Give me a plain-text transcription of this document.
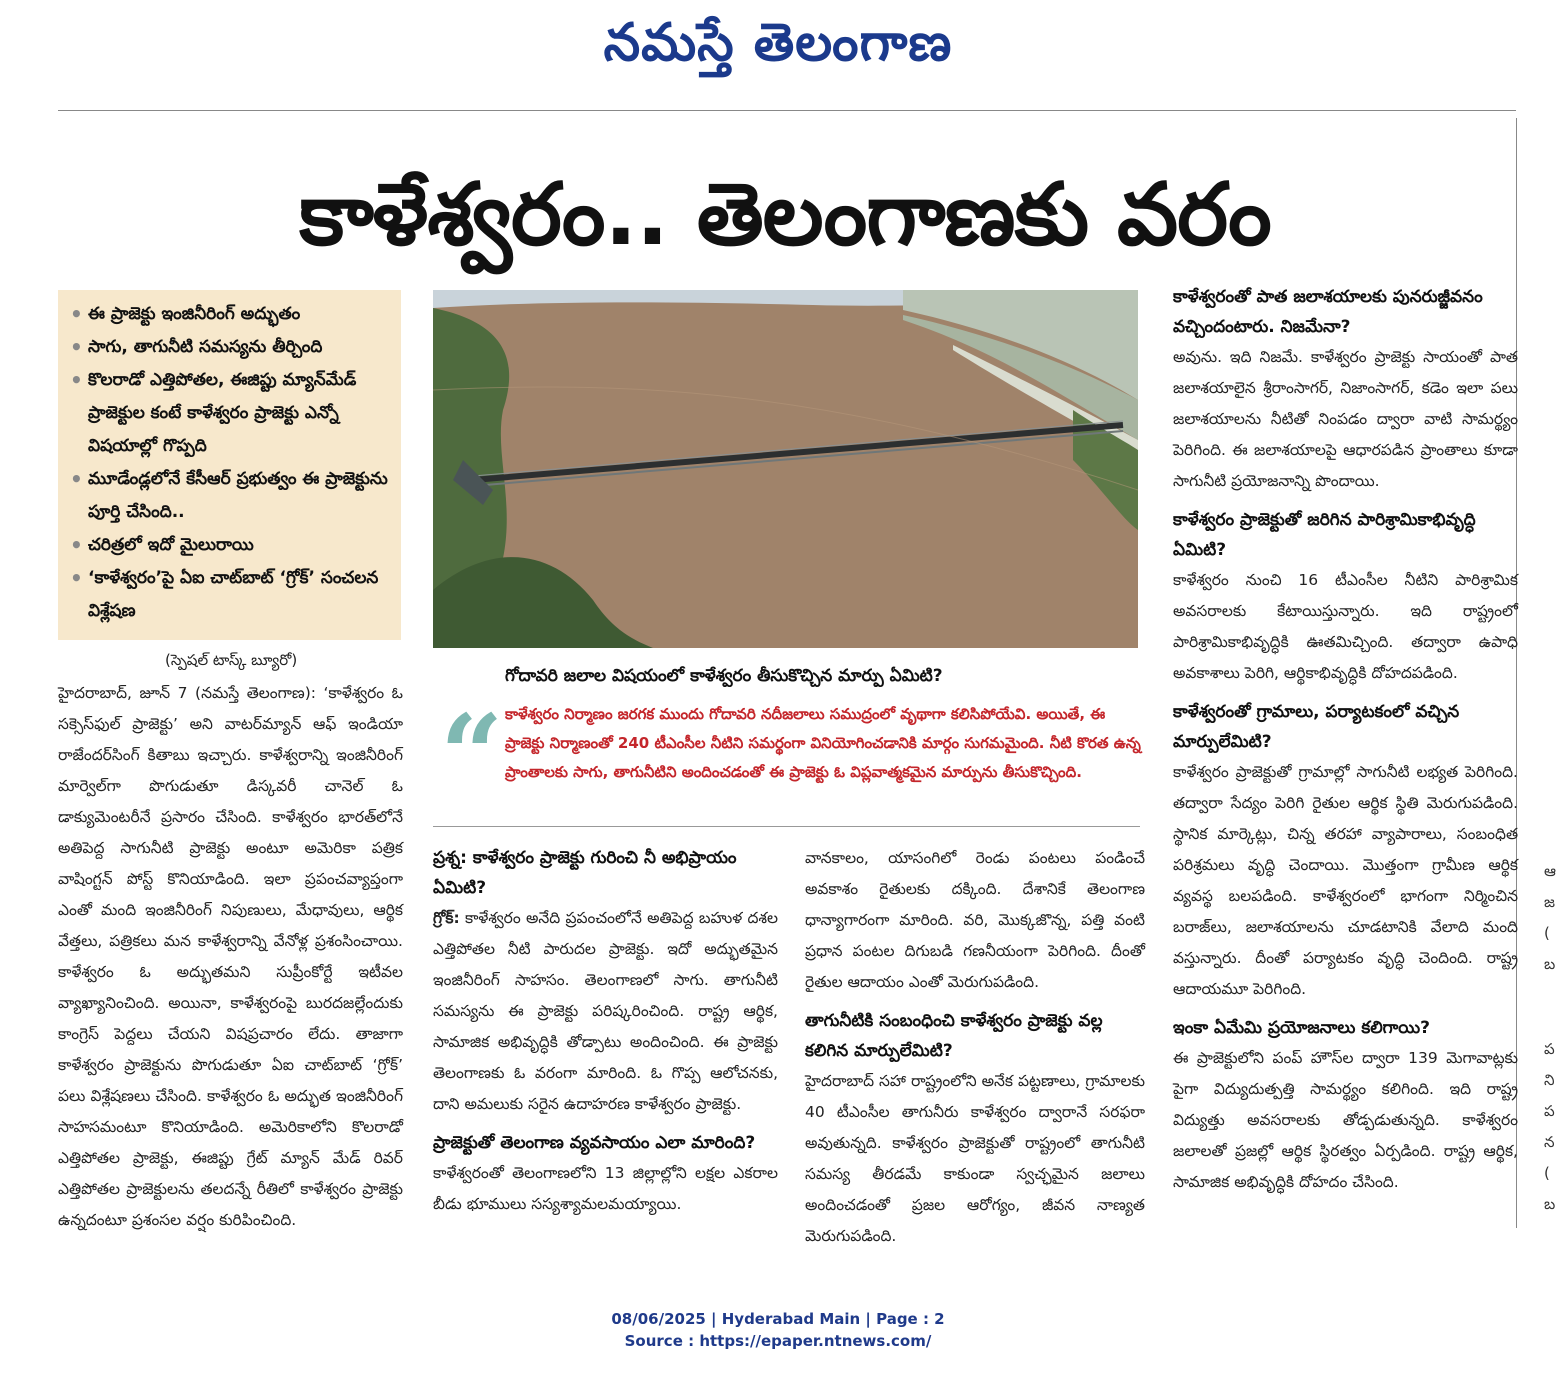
నమస్తే తెలంగాణ
కాళేశ్వరం.. తెలంగాణకు వరం
• ఈ ప్రాజెక్టు ఇంజినీరింగ్ అద్భుతం
• సాగు, తాగునీటి సమస్యను తీర్చింది
• కొలరాడో ఎత్తిపోతల, ఈజిప్టు మ్యాన్‌మేడ్ ప్రాజెక్టుల కంటే కాళేశ్వరం ప్రాజెక్టు ఎన్నో విషయాల్లో గొప్పది
• మూడేండ్లలోనే కేసీఆర్ ప్రభుత్వం ఈ ప్రాజెక్టును పూర్తి చేసింది..
• చరిత్రలో ఇదో మైలురాయి
• ‘కాళేశ్వరం’పై ఏఐ చాట్‌బాట్ ‘గ్రోక్’ సంచలన విశ్లేషణ
(స్పెషల్ టాస్క్ బ్యూరో)
హైదరాబాద్, జూన్ 7 (నమస్తే తెలంగాణ): ‘కాళేశ్వరం ఓ సక్సెస్‌ఫుల్ ప్రాజెక్టు’ అని వాటర్‌మ్యాన్ ఆఫ్ ఇండియా రాజేందర్‌సింగ్ కితాబు ఇచ్చారు. కాళేశ్వరాన్ని ఇంజినీరింగ్ మార్వెల్‌గా పొగుడుతూ డిస్కవరీ చానెల్ ఓ డాక్యుమెంటరీనే ప్రసారం చేసింది. కాళేశ్వరం భారత్‌లోనే అతిపెద్ద సాగునీటి ప్రాజెక్టు అంటూ అమెరికా పత్రిక వాషింగ్టన్ పోస్ట్ కొనియాడింది. ఇలా ప్రపంచవ్యాప్తంగా ఎంతో మంది ఇంజినీరింగ్ నిపుణులు, మేధావులు, ఆర్థిక వేత్తలు, పత్రికలు మన కాళేశ్వరాన్ని వేనోళ్ల ప్రశంసించాయి. కాళేశ్వరం ఓ అద్భుతమని సుప్రీంకోర్టే ఇటీవల వ్యాఖ్యానించింది. అయినా, కాళేశ్వరంపై బురదజల్లేందుకు కాంగ్రెస్ పెద్దలు చేయని విషప్రచారం లేదు. తాజాగా కాళేశ్వరం ప్రాజెక్టును పొగుడుతూ ఏఐ చాట్‌బాట్ ‘గ్రోక్’ పలు విశ్లేషణలు చేసింది. కాళేశ్వరం ఓ అద్భుత ఇంజినీరింగ్ సాహసమంటూ కొనియాడింది. అమెరికాలోని కొలరాడో ఎత్తిపోతల ప్రాజెక్టు, ఈజిప్టు గ్రేట్ మ్యాన్ మేడ్ రివర్ ఎత్తిపోతల ప్రాజెక్టులను తలదన్నే రీతిలో కాళేశ్వరం ప్రాజెక్టు ఉన్నదంటూ ప్రశంసల వర్షం కురిపించింది.
గోదావరి జలాల విషయంలో కాళేశ్వరం తీసుకొచ్చిన మార్పు ఏమిటి?
“ కాళేశ్వరం నిర్మాణం జరగక ముందు గోదావరి నదీజలాలు సముద్రంలో వృథాగా కలిసిపోయేవి. అయితే, ఈ ప్రాజెక్టు నిర్మాణంతో 240 టీఎంసీల నీటిని సమర్థంగా వినియోగించడానికి మార్గం సుగమమైంది. నీటి కొరత ఉన్న ప్రాంతాలకు సాగు, తాగునీటిని అందించడంతో ఈ ప్రాజెక్టు ఓ విప్లవాత్మకమైన మార్పును తీసుకొచ్చింది.
ప్రశ్న: కాళేశ్వరం ప్రాజెక్టు గురించి నీ అభిప్రాయం ఏమిటి?
గ్రోక్: కాళేశ్వరం అనేది ప్రపంచంలోనే అతిపెద్ద బహుళ దశల ఎత్తిపోతల నీటి పారుదల ప్రాజెక్టు. ఇదో అద్భుతమైన ఇంజినీరింగ్ సాహసం. తెలంగాణలో సాగు. తాగునీటి సమస్యను ఈ ప్రాజెక్టు పరిష్కరించింది. రాష్ట్ర ఆర్థిక, సామాజిక అభివృద్ధికి తోడ్పాటు అందించింది. ఈ ప్రాజెక్టు తెలంగాణకు ఓ వరంగా మారింది. ఓ గొప్ప ఆలోచనకు, దాని అమలుకు సరైన ఉదాహరణ కాళేశ్వరం ప్రాజెక్టు.
ప్రాజెక్టుతో తెలంగాణ వ్యవసాయం ఎలా మారింది?
కాళేశ్వరంతో తెలంగాణలోని 13 జిల్లాల్లోని లక్షల ఎకరాల బీడు భూములు సస్యశ్యామలమయ్యాయి.
వానకాలం, యాసంగిలో రెండు పంటలు పండించే అవకాశం రైతులకు దక్కింది. దేశానికే తెలంగాణ ధాన్యాగారంగా మారింది. వరి, మొక్కజొన్న, పత్తి వంటి ప్రధాన పంటల దిగుబడి గణనీయంగా పెరిగింది. దీంతో రైతుల ఆదాయం ఎంతో మెరుగుపడింది.
తాగునీటికి సంబంధించి కాళేశ్వరం ప్రాజెక్టు వల్ల కలిగిన మార్పులేమిటి?
హైదరాబాద్ సహా రాష్ట్రంలోని అనేక పట్టణాలు, గ్రామాలకు 40 టీఎంసీల తాగునీరు కాళేశ్వరం ద్వారానే సరఫరా అవుతున్నది. కాళేశ్వరం ప్రాజెక్టుతో రాష్ట్రంలో తాగునీటి సమస్య తీరడమే కాకుండా స్వచ్ఛమైన జలాలు అందించడంతో ప్రజల ఆరోగ్యం, జీవన నాణ్యత మెరుగుపడింది.
కాళేశ్వరంతో పాత జలాశయాలకు పునరుజ్జీవనం వచ్చిందంటారు. నిజమేనా?
అవును. ఇది నిజమే. కాళేశ్వరం ప్రాజెక్టు సాయంతో పాత జలాశయాలైన శ్రీరాంసాగర్, నిజాంసాగర్, కడెం ఇలా పలు జలాశయాలను నీటితో నింపడం ద్వారా వాటి సామర్థ్యం పెరిగింది. ఈ జలాశయాలపై ఆధారపడిన ప్రాంతాలు కూడా సాగునీటి ప్రయోజనాన్ని పొందాయి.
కాళేశ్వరం ప్రాజెక్టుతో జరిగిన పారిశ్రామికాభివృద్ధి ఏమిటి?
కాళేశ్వరం నుంచి 16 టీఎంసీల నీటిని పారిశ్రామిక అవసరాలకు కేటాయిస్తున్నారు. ఇది రాష్ట్రంలో పారిశ్రామికాభివృద్ధికి ఊతమిచ్చింది. తద్వారా ఉపాధి అవకాశాలు పెరిగి, ఆర్థికాభివృద్ధికి దోహదపడింది.
కాళేశ్వరంతో గ్రామాలు, పర్యాటకంలో వచ్చిన మార్పులేమిటి?
కాళేశ్వరం ప్రాజెక్టుతో గ్రామాల్లో సాగునీటి లభ్యత పెరిగింది. తద్వారా సేద్యం పెరిగి రైతుల ఆర్థిక స్థితి మెరుగుపడింది. స్థానిక మార్కెట్లు, చిన్న తరహా వ్యాపారాలు, సంబంధిత పరిశ్రమలు వృద్ధి చెందాయి. మొత్తంగా గ్రామీణ ఆర్థిక వ్యవస్థ బలపడింది. కాళేశ్వరంలో భాగంగా నిర్మించిన బరాజ్‌లు, జలాశయాలను చూడటానికి వేలాది మంది వస్తున్నారు. దీంతో పర్యాటకం వృద్ధి చెందింది. రాష్ట్ర ఆదాయమూ పెరిగింది.
ఇంకా ఏమేమి ప్రయోజనాలు కలిగాయి?
ఈ ప్రాజెక్టులోని పంప్ హౌస్‌ల ద్వారా 139 మెగావాట్లకు పైగా విద్యుదుత్పత్తి సామర్థ్యం కలిగింది. ఇది రాష్ట్ర విద్యుత్తు అవసరాలకు తోడ్పడుతున్నది. కాళేశ్వరం జలాలతో ప్రజల్లో ఆర్థిక స్థిరత్వం ఏర్పడింది. రాష్ట్ర ఆర్థిక, సామాజిక అభివృద్ధికి దోహదం చేసింది.
ఆ
జ
(
బ
ప
ని
ప
న
(
బ
08/06/2025 | Hyderabad Main | Page : 2
Source : https://epaper.ntnews.com/
